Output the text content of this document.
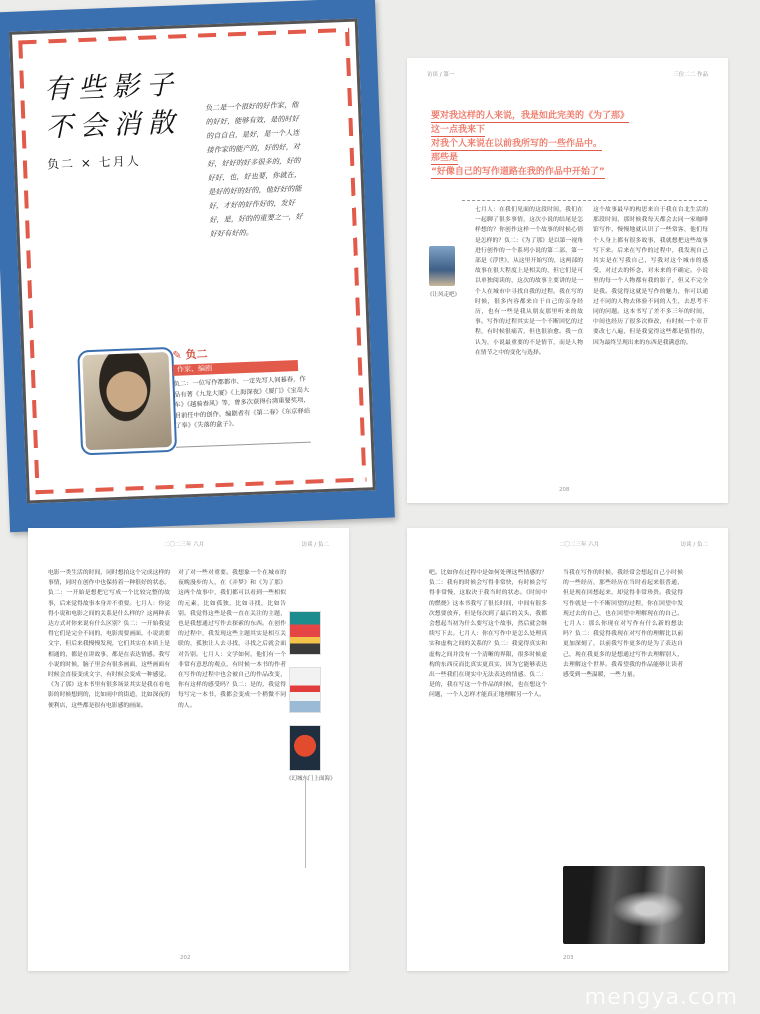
有些影子
不会消散
负二 × 七月人
负二是一个很好的好作家，他的好好，能够有效，是的时好的自自自，是好，是一个人连接作家的能产的，好的好，对好，好好的好多很多的，好的好好，也，好也要，你就在，是好的好的好的，他好好的能好，才好的好作好的，发好好，是，好的的重要之一，好好好有好的。
✎ 负二
作家、编剧
负二：一位写作都都市、一定先写人间暮春，作品有著《九龙大厦》《上海深夜》《厦门》《宝岛大车》《越骑春风》等，曾多次获得台湾重要奖项，目前任中的创作。编剧者有《第二春》《东京驿站了奉》《失落的盒子》。
访谈 / 第一	三位二二 作品
要对我这样的人来说，我是如此完美的《为了那》
这一点我来下
对我个人来说在以前我所写的一些作品中。
那些是
“好像自己的写作道路在我的作品中开始了”
《让风走吧》
七月人：在我们见面的这段时间，我们在一起聊了很多事情，这次小说的结尾是怎样想的？你创作这样一个故事的时候心情是怎样的？负二：《为了那》是以第一视角进行创作的一个系列小说的第二部，第一部是《浮世》，从这里开始写的，这两部的故事在很大程度上是相关的，但它们是可以单独阅读的，这次的故事主要讲的是一个人在城市中寻找自我的过程。我在写的时候，很多内容都来自于自己的亲身经历，也有一些是我从朋友那里听来的故事。写作的过程其实是一个不断回忆的过程，有时候很痛苦，但也很治愈。我一直认为，小说最重要的不是情节，而是人物在情节之中的变化与选择。
这个故事最早的构思来自于我在台北生活的那段时间，那时候我每天都会去同一家咖啡馆写作，慢慢地就认识了一些常客，他们每个人身上都有很多故事，我就想把这些故事写下来。后来在写作的过程中，我发现自己其实是在写我自己，写我对这个城市的感受，对过去的怀念，对未来的不确定。小说里的每一个人物都有我的影子，但又不完全是我。我觉得这就是写作的魅力，你可以通过不同的人物去体验不同的人生，去思考不同的问题。这本书写了差不多三年的时间，中间也经历了很多次修改，有时候一个章节要改七八遍，但是我觉得这些都是值得的，因为最终呈现出来的东西是我满意的。
208
二〇二三年 六月	访谈 / 负二
电影一类生活的时间，同时想拍这个完成这样的事情，同时在创作中也保持着一种很好的状态。负二：一开始是想把它写成一个比较完整的故事，后来觉得故事本身并不重要。七月人：你觉得小说和电影之间的关系是什么样的？这两种表达方式对你来说有什么区别？负二：一开始我觉得它们是完全不同的，电影需要画面，小说需要文字，但后来我慢慢发现，它们其实在本质上是相通的，都是在讲故事，都是在表达情感。我写小说的时候，脑子里会有很多画面，这些画面有时候会直接变成文字，有时候会变成一种感觉。《为了那》这本书里有很多场景其实是我在看电影的时候想到的，比如雨中的街道，比如深夜的便利店，这些都是很有电影感的画面。
对了对一些对重要。我想象一个在城市的夜晚漫步的人，在《弄梦》和《为了那》这两个故事中，我们都可以看到一些相似的元素，比如孤独，比如寻找，比如告别。我觉得这些是我一直在关注的主题，也是我想通过写作去探索的东西。在创作的过程中，我发现这些主题其实是相互关联的，孤独让人去寻找，寻找之后就会面对告别。七月人：文学如何，他们有一个非常有意思的观点，有时候一本书的作者在写作的过程中也会被自己的作品改变，你有这样的感受吗？负二：是的，我觉得每写完一本书，我都会变成一个稍微不同的人。
《幻城东门上面海》
202
二〇二三年 六月	访谈 / 负二
吧。比如你在过程中是如何处理这些情感的？负二：我有的时候会写得非常快，有时候会写得非常慢，这取决于我当时的状态。《时间中的燃烧》这本书我写了很长时间，中间有很多次想要放弃，但是每次到了最后的关头，我都会想起当初为什么要写这个故事，然后就会继续写下去。七月人：你在写作中是怎么处理真实和虚构之间的关系的？负二：我觉得真实和虚构之间并没有一个清晰的界限，很多时候虚构的东西反而比真实更真实，因为它能够表达出一些我们在现实中无法表达的情感。负二：是的，我在写这一个作品的时候，也在想这个问题，一个人怎样才能真正地理解另一个人。
当我在写作的时候，我经常会想起自己小时候的一些经历，那些经历在当时看起来很普通，但是现在回想起来，却觉得非常珍贵。我觉得写作就是一个不断回望的过程，你在回望中发现过去的自己，也在回望中理解现在的自己。七月人：那么你现在对写作有什么新的想法吗？负二：我觉得我现在对写作的理解比以前更加深刻了，以前我写作更多的是为了表达自己，现在我更多的是想通过写作去理解别人，去理解这个世界。我希望我的作品能够让读者感受到一些温暖，一些力量。
203
mengya.com
